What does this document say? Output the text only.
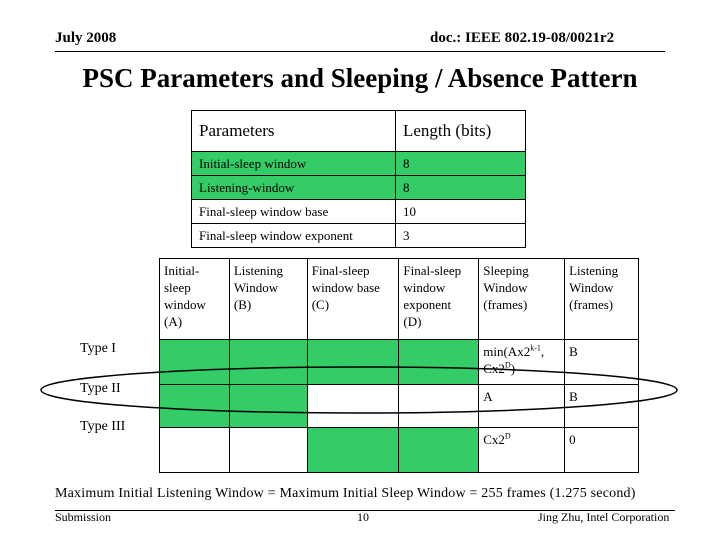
July 2008	doc.: IEEE 802.19-08/0021r2
PSC Parameters and Sleeping / Absence Pattern
Parameters	Length (bits)
Initial-sleep window	8
Listening-window	8
Final-sleep window base	10
Final-sleep window exponent	3
Initial-
sleep
window
(A)	Listening
Window
(B)	Final-sleep
window base
(C)	Final-sleep
window
exponent
(D)	Sleeping
Window
(frames)	Listening
Window
(frames)
				min(Ax2$^{k-1}$,
$Cx2^D$)	B
				A	B
				$Cx2^D$	0
Type I
Type II
Type III
Maximum Initial Listening Window = Maximum Initial Sleep Window = 255 frames (1.275 second)
Submission	10	Jing Zhu, Intel Corporation
